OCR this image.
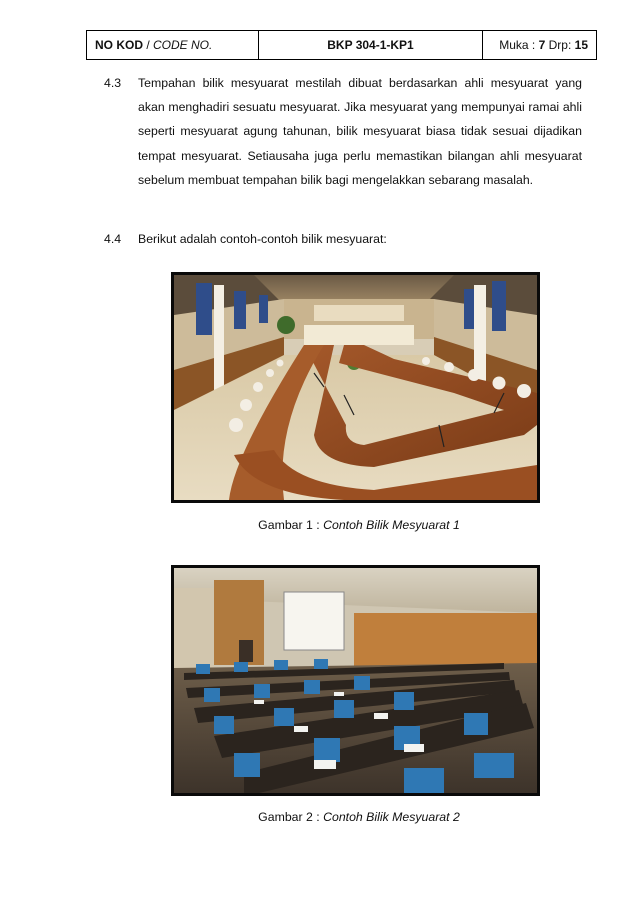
NO KOD / CODE NO.	BKP 304-1-KP1	Muka : 7 Drp: 15
4.3 Tempahan bilik mesyuarat mestilah dibuat berdasarkan ahli mesyuarat yang akan menghadiri sesuatu mesyuarat. Jika mesyuarat yang mempunyai ramai ahli seperti mesyuarat agung tahunan, bilik mesyuarat biasa tidak sesuai dijadikan tempat mesyuarat. Setiausaha juga perlu memastikan bilangan ahli mesyuarat sebelum membuat tempahan bilik bagi mengelakkan sebarang masalah.

4.4 Berikut adalah contoh-contoh bilik mesyuarat:

Gambar 1 : Contoh Bilik Mesyuarat 1
Gambar 2 : Contoh Bilik Mesyuarat 2
